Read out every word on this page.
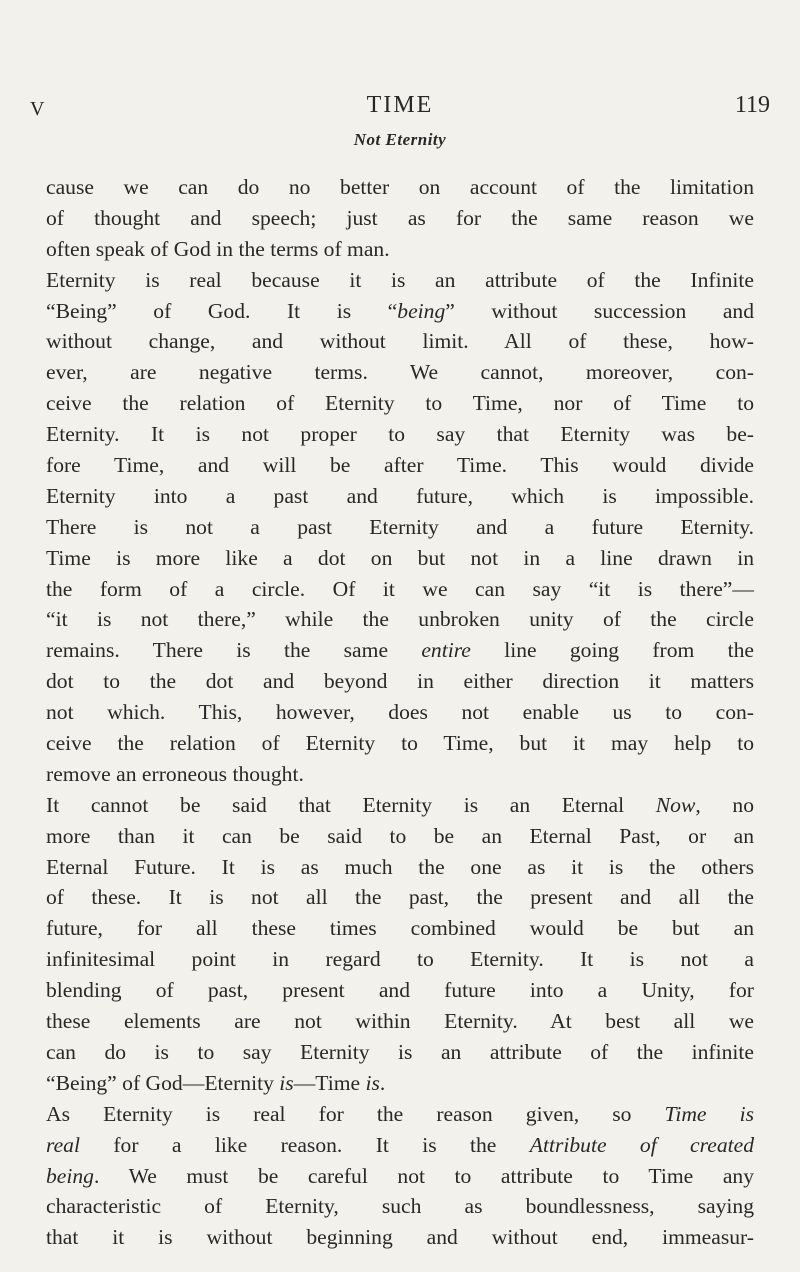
V	TIME	119
Not Eternity
cause we can do no better on account of the limitation
of thought and speech; just as for the same reason we
often speak of God in the terms of man.
Eternity is real because it is an attribute of the Infinite
“Being” of God. It is “being” without succession and
without change, and without limit. All of these, how-
ever, are negative terms. We cannot, moreover, con-
ceive the relation of Eternity to Time, nor of Time to
Eternity. It is not proper to say that Eternity was be-
fore Time, and will be after Time. This would divide
Eternity into a past and future, which is impossible.
There is not a past Eternity and a future Eternity.
Time is more like a dot on but not in a line drawn in
the form of a circle. Of it we can say “it is there”—
“it is not there,” while the unbroken unity of the circle
remains. There is the same entire line going from the
dot to the dot and beyond in either direction it matters
not which. This, however, does not enable us to con-
ceive the relation of Eternity to Time, but it may help to
remove an erroneous thought.
It cannot be said that Eternity is an Eternal Now, no
more than it can be said to be an Eternal Past, or an
Eternal Future. It is as much the one as it is the others
of these. It is not all the past, the present and all the
future, for all these times combined would be but an
infinitesimal point in regard to Eternity. It is not a
blending of past, present and future into a Unity, for
these elements are not within Eternity. At best all we
can do is to say Eternity is an attribute of the infinite
“Being” of God—Eternity is—Time is.
As Eternity is real for the reason given, so Time is
real for a like reason. It is the Attribute of created
being. We must be careful not to attribute to Time any
characteristic of Eternity, such as boundlessness, saying
that it is without beginning and without end, immeasur-
